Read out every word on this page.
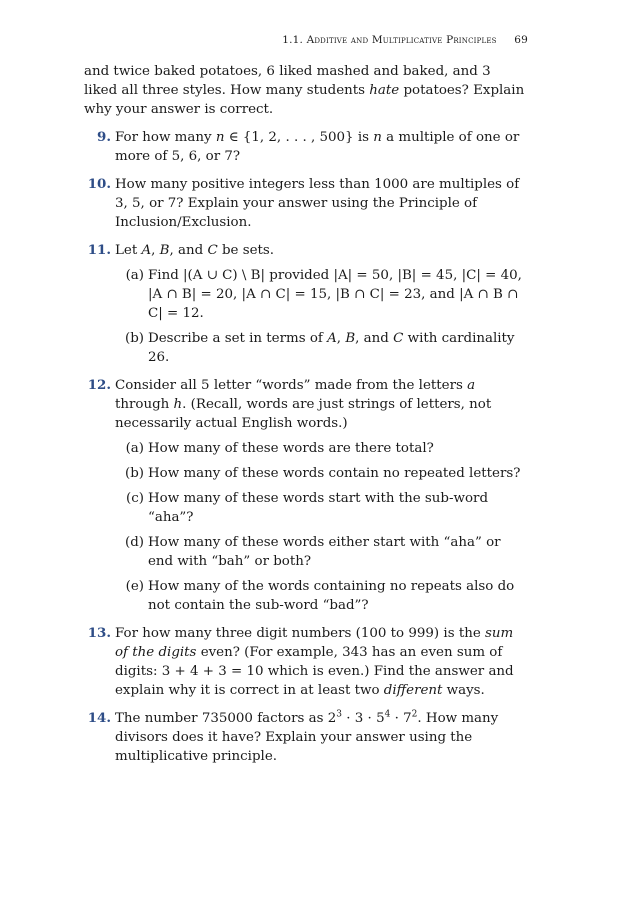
1.1. Additive and Multiplicative Principles 69

and twice baked potatoes, 6 liked mashed and baked, and 3 liked all three styles. How many students hate potatoes? Explain why your answer is correct.

9. For how many n ∈ {1, 2, . . . , 500} is n a multiple of one or more of 5, 6, or 7?

10. How many positive integers less than 1000 are multiples of 3, 5, or 7? Explain your answer using the Principle of Inclusion/Exclusion.

11. Let A, B, and C be sets.

(a) Find |(A ∪ C) \ B| provided |A| = 50, |B| = 45, |C| = 40, |A ∩ B| = 20, |A ∩ C| = 15, |B ∩ C| = 23, and |A ∩ B ∩ C| = 12.

(b) Describe a set in terms of A, B, and C with cardinality 26.

12. Consider all 5 letter “words” made from the letters a through h. (Recall, words are just strings of letters, not necessarily actual English words.)

(a) How many of these words are there total?

(b) How many of these words contain no repeated letters?

(c) How many of these words start with the sub-word “aha”?

(d) How many of these words either start with “aha” or end with “bah” or both?

(e) How many of the words containing no repeats also do not contain the sub-word “bad”?

13. For how many three digit numbers (100 to 999) is the sum of the digits even? (For example, 343 has an even sum of digits: 3 + 4 + 3 = 10 which is even.) Find the answer and explain why it is correct in at least two different ways.

14. The number 735000 factors as $2^3 \cdot 3 \cdot 5^4 \cdot 7^2$. How many divisors does it have? Explain your answer using the multiplicative principle.
